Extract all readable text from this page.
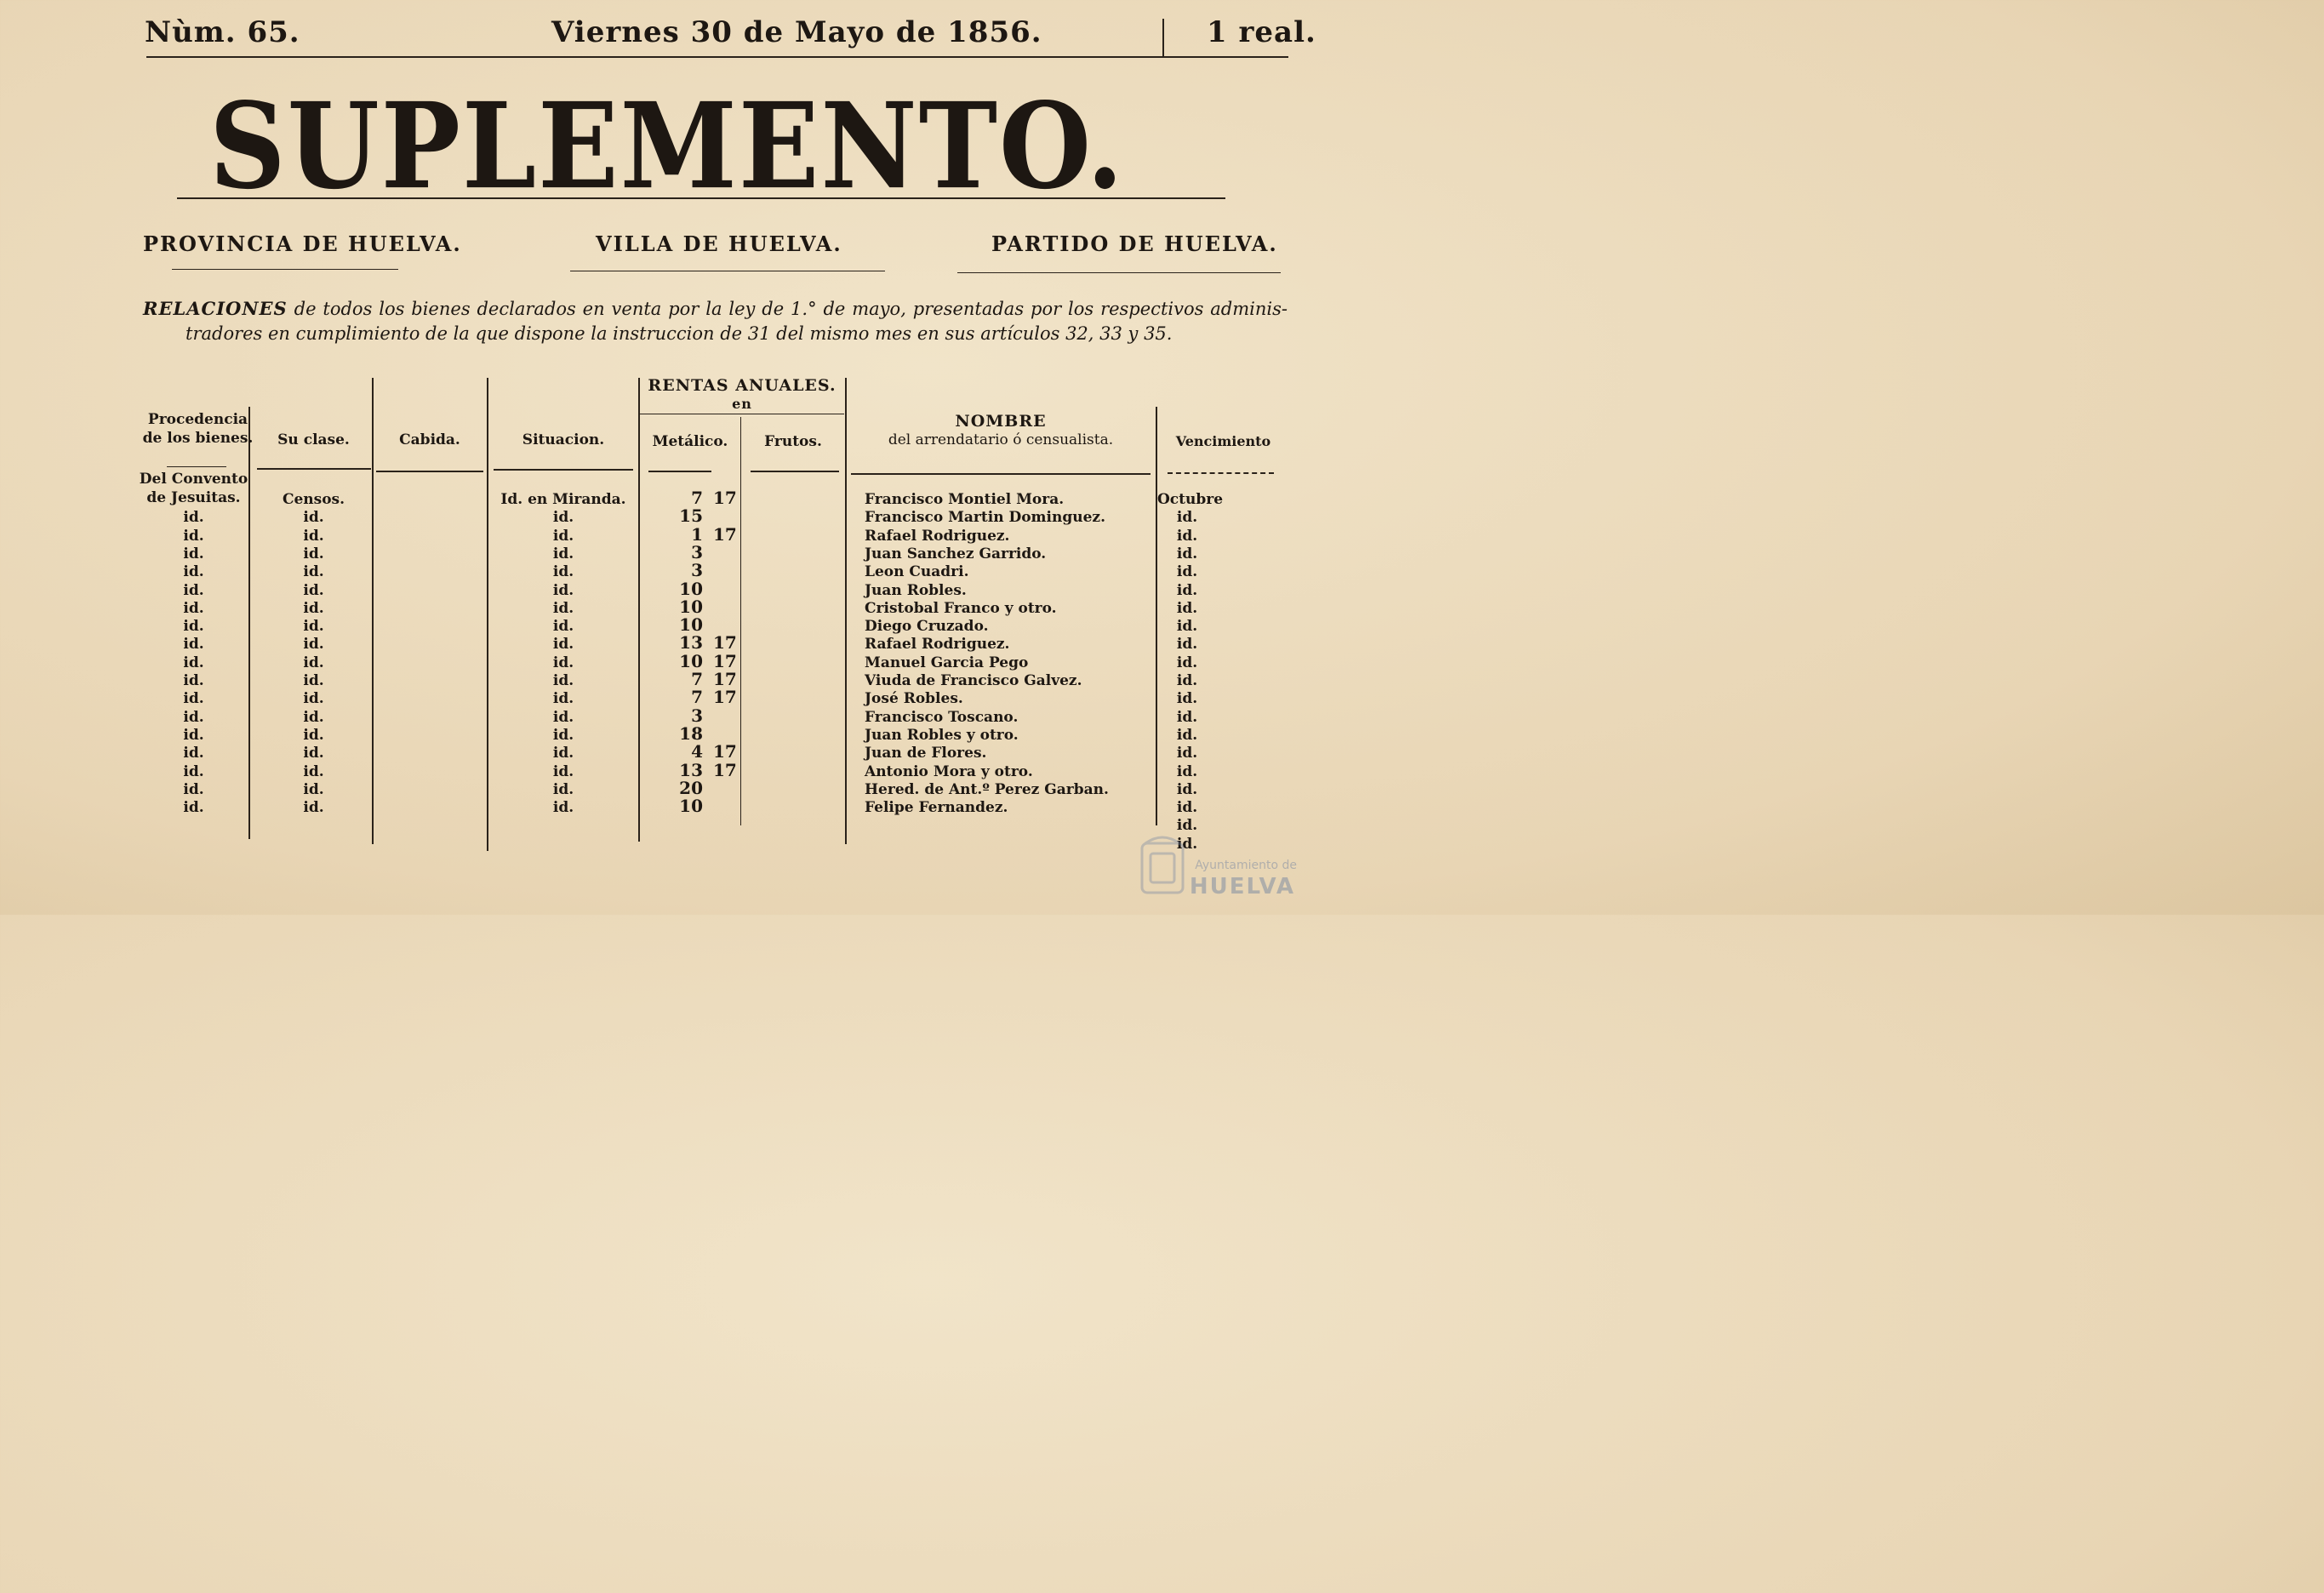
Nùm. 65.	Viernes 30 de Mayo de 1856.	1 real.
SUPLEMENTO.
PROVINCIA DE HUELVA.	VILLA DE HUELVA.	PARTIDO DE HUELVA.
RELACIONES de todos los bienes declarados en venta por la ley de 1.° de mayo, presentadas por los respectivos adminis-
tradores en cumplimiento de la que dispone la instruccion de 31 del mismo mes en sus artículos 32, 33 y 35.
Procedencia
de los bienes.	Su clase.	Cabida.	Situacion.
RENTAS ANUALES.
en
Metálico.	Frutos.
NOMBRE
del arrendatario ó censualista.	Vencimiento
Del Convento
de Jesuitas.	Censos.	Id. en Miranda.	7 17	Francisco Montiel Mora.	Octubre
id.	id.	id.	15	Francisco Martin Dominguez.	id.
id.	id.	id.	1 17	Rafael Rodriguez.	id.
id.	id.	id.	3	Juan Sanchez Garrido.	id.
id.	id.	id.	3	Leon Cuadri.	id.
id.	id.	id.	10	Juan Robles.	id.
id.	id.	id.	10	Cristobal Franco y otro.	id.
id.	id.	id.	10	Diego Cruzado.	id.
id.	id.	id.	13 17	Rafael Rodriguez.	id.
id.	id.	id.	10 17	Manuel Garcia Pego	id.
id.	id.	id.	7 17	Viuda de Francisco Galvez.	id.
id.	id.	id.	7 17	José Robles.	id.
id.	id.	id.	3	Francisco Toscano.	id.
id.	id.	id.	18	Juan Robles y otro.	id.
id.	id.	id.	4 17	Juan de Flores.	id.
id.	id.	id.	13 17	Antonio Mora y otro.	id.
id.	id.	id.	20	Hered. de Ant.º Perez Garban.	id.
id.	id.	id.	10	Felipe Fernandez.	id.
id.
id.
Ayuntamiento de
HUELVA
